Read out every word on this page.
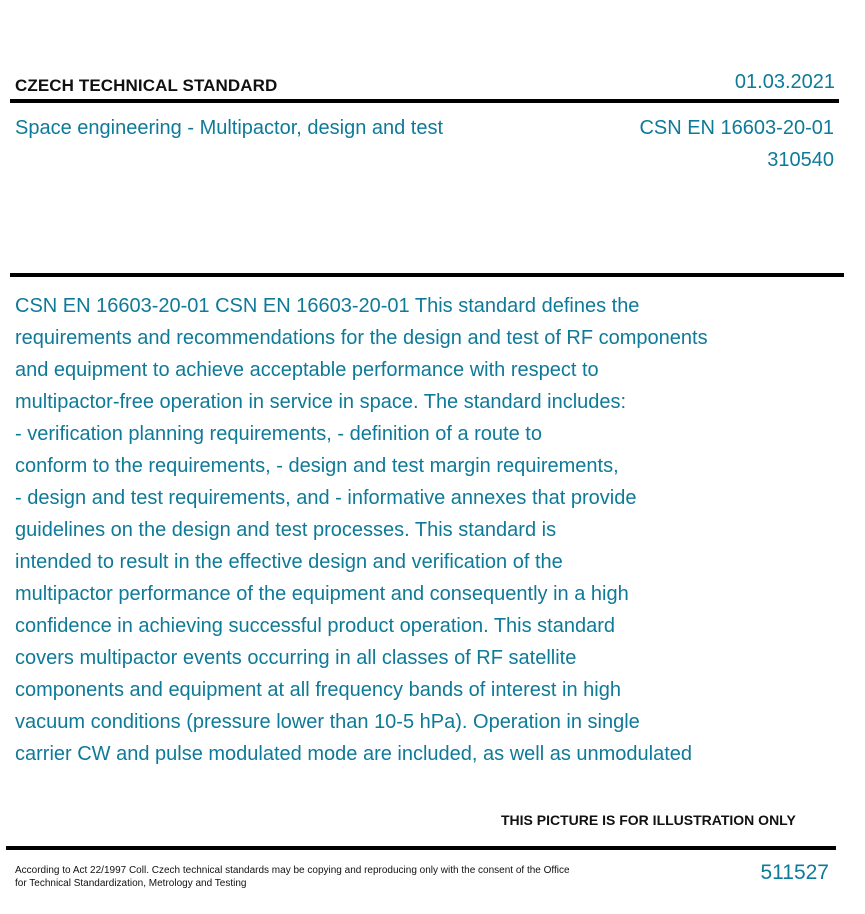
CZECH TECHNICAL STANDARD	01.03.2021
Space engineering - Multipactor, design and test	CSN EN 16603-20-01
310540
CSN EN 16603-20-01 CSN EN 16603-20-01 This standard defines the
requirements and recommendations for the design and test of RF components
and equipment to achieve acceptable performance with respect to
multipactor-free operation in service in space. The standard includes:
- verification planning requirements, - definition of a route to
conform to the requirements, - design and test margin requirements,
- design and test requirements, and - informative annexes that provide
guidelines on the design and test processes. This standard is
intended to result in the effective design and verification of the
multipactor performance of the equipment and consequently in a high
confidence in achieving successful product operation. This standard
covers multipactor events occurring in all classes of RF satellite
components and equipment at all frequency bands of interest in high
vacuum conditions (pressure lower than 10-5 hPa). Operation in single
carrier CW and pulse modulated mode are included, as well as unmodulated
THIS PICTURE IS FOR ILLUSTRATION ONLY
According to Act 22/1997 Coll. Czech technical standards may be copying and reproducing only with the consent of the Office
for Technical Standardization, Metrology and Testing	511527
